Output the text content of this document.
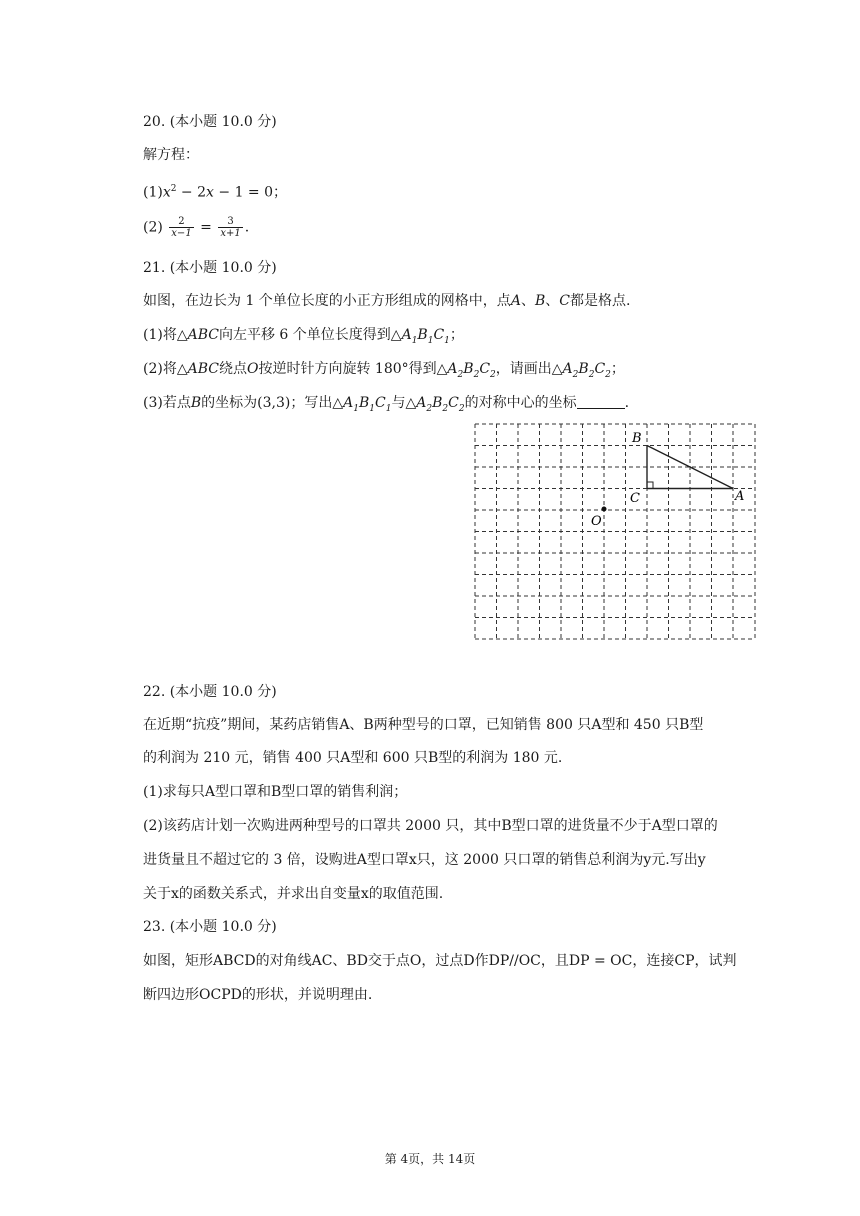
20. (本小题 10.0 分)
解方程：
$(1)x^2 - 2x - 1 = 0$；
$(2) \frac{2}{x-1} = \frac{3}{x+1}$ .
21. (本小题 10.0 分)
如图，在边长为 1 个单位长度的小正方形组成的网格中，点A、B、C都是格点.
(1)将△ABC向左平移 6 个单位长度得到$\triangle A_1B_1C_1$；
(2)将△ABC绕点O按逆时针方向旋转 180°得到$\triangle A_2B_2C_2$，请画出$\triangle A_2B_2C_2$；
(3)若点B的坐标为(3,3)；写出$\triangle A_1B_1C_1$与$\triangle A_2B_2C_2$的对称中心的坐标	.
B
C	A
O
22. (本小题 10.0 分)
在近期“抗疫”期间，某药店销售A、B两种型号的口罩，已知销售 800 只A型和 450 只B型
的利润为 210 元，销售 400 只A型和 600 只B型的利润为 180 元.
(1)求每只A型口罩和B型口罩的销售利润；
(2)该药店计划一次购进两种型号的口罩共 2000 只，其中B型口罩的进货量不少于A型口罩的
进货量且不超过它的 3 倍，设购进A型口罩x只，这 2000 只口罩的销售总利润为y元.写出y
关于x的函数关系式，并求出自变量x的取值范围.
23. (本小题 10.0 分)
如图，矩形ABCD的对角线AC、BD交于点O，过点D作DP//OC，且DP = OC，连接CP，试判
断四边形OCPD的形状，并说明理由.
第 4页，共 14页
